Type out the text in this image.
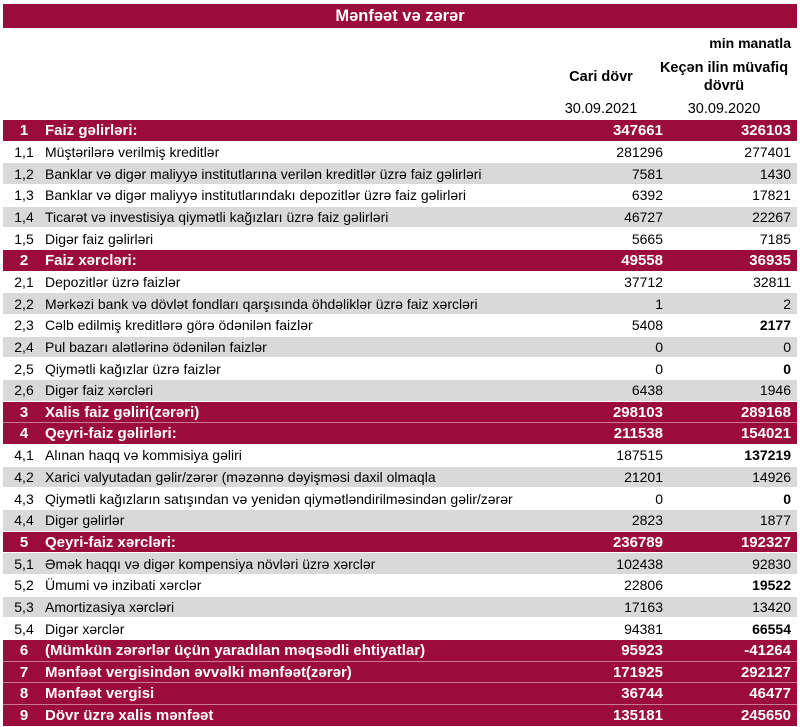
Mənfəət və zərər
min manatla
Cari dövr
Keçən ilin müvafiq dövrü
30.09.2021	30.09.2020
1	Faiz gəlirləri:	347661	326103
1,1 Müştərilərə verilmiş kreditlər	281296	277401
1,2 Banklar və digər maliyyə institutlarına verilən kreditlər üzrə faiz gəlirləri	7581	1430
1,3 Banklar və digər maliyyə institutlarındakı depozitlər üzrə faiz gəlirləri	6392	17821
1,4 Ticarət və investisiya qiymətli kağızları üzrə faiz gəlirləri	46727	22267
1,5 Digər faiz gəlirləri	5665	7185
2	Faiz xərcləri:	49558	36935
2,1 Depozitlər üzrə faizlər	37712	32811
2,2 Mərkəzi bank və dövlət fondları qarşısında öhdəliklər üzrə faiz xərcləri	1	2
2,3 Cəlb edilmiş kreditlərə görə ödənilən faizlər	5408	2177
2,4 Pul bazarı alətlərinə ödənilən faizlər	0	0
2,5 Qiymətli kağızlar üzrə faizlər	0	0
2,6 Digər faiz xərcləri	6438	1946
3	Xalis faiz gəliri(zərəri)	298103	289168
4	Qeyri-faiz gəlirləri:	211538	154021
4,1 Alınan haqq və kommisiya gəliri	187515	137219
4,2 Xarici valyutadan gəlir/zərər (məzənnə dəyişməsi daxil olmaqla	21201	14926
4,3 Qiymətli kağızların satışından və yenidən qiymətləndirilməsindən gəlir/zərər	0	0
4,4 Digər gəlirlər	2823	1877
5	Qeyri-faiz xərcləri:	236789	192327
5,1 Əmək haqqı və digər kompensiya növləri üzrə xərclər	102438	92830
5,2 Ümumi və inzibati xərclər	22806	19522
5,3 Amortizasiya xərcləri	17163	13420
5,4 Digər xərclər	94381	66554
6	(Mümkün zərərlər üçün yaradılan məqsədli ehtiyatlar)	95923	-41264
7	Mənfəət vergisindən əvvəlki mənfəət(zərər)	171925	292127
8	Mənfəət vergisi	36744	46477
9	Dövr üzrə xalis mənfəət	135181	245650
